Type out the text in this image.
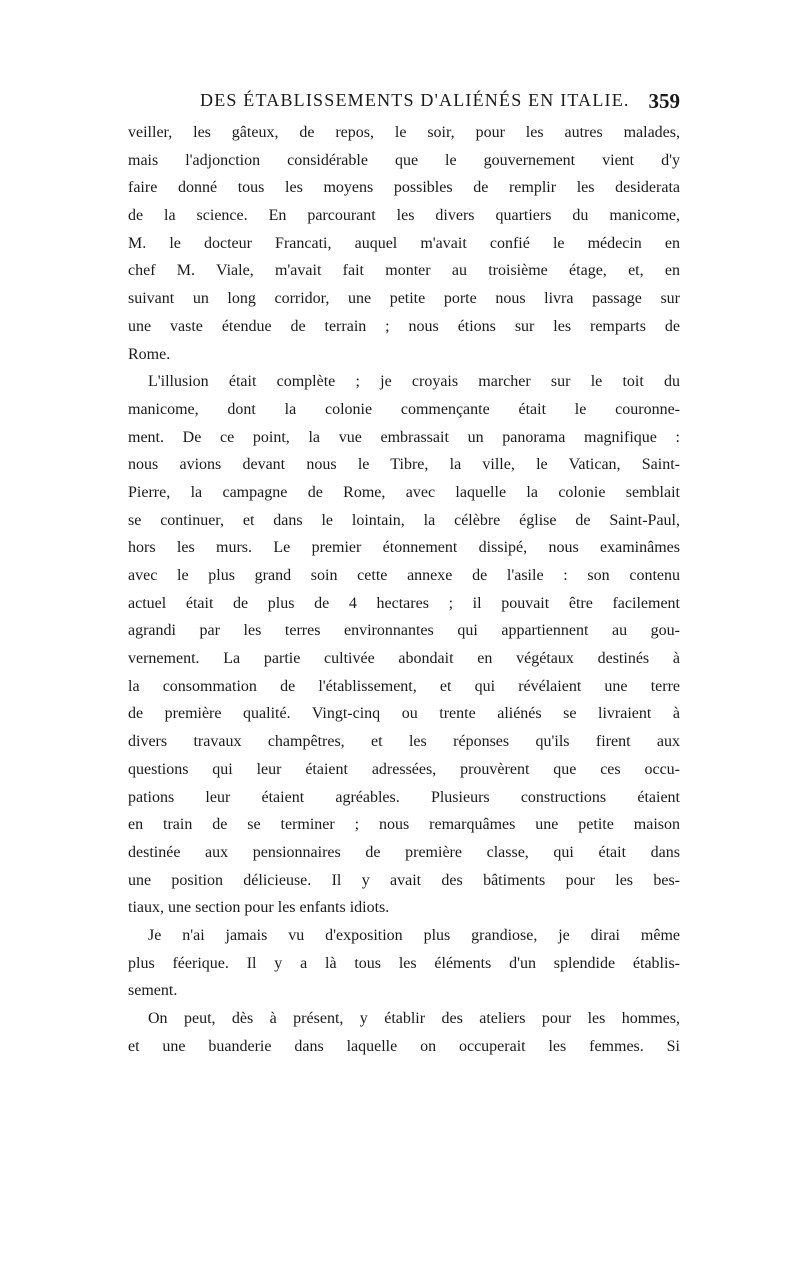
DES ÉTABLISSEMENTS D'ALIÉNÉS EN ITALIE. 359
veiller, les gâteux, de repos, le soir, pour les autres malades,
mais l'adjonction considérable que le gouvernement vient d'y
faire donné tous les moyens possibles de remplir les desiderata
de la science. En parcourant les divers quartiers du manicome,
M. le docteur Francati, auquel m'avait confié le médecin en
chef M. Viale, m'avait fait monter au troisième étage, et, en
suivant un long corridor, une petite porte nous livra passage sur
une vaste étendue de terrain ; nous étions sur les remparts de
Rome.
L'illusion était complète ; je croyais marcher sur le toit du
manicome, dont la colonie commençante était le couronne-
ment. De ce point, la vue embrassait un panorama magnifique :
nous avions devant nous le Tibre, la ville, le Vatican, Saint-
Pierre, la campagne de Rome, avec laquelle la colonie semblait
se continuer, et dans le lointain, la célèbre église de Saint-Paul,
hors les murs. Le premier étonnement dissipé, nous examinâmes
avec le plus grand soin cette annexe de l'asile : son contenu
actuel était de plus de 4 hectares ; il pouvait être facilement
agrandi par les terres environnantes qui appartiennent au gou-
vernement. La partie cultivée abondait en végétaux destinés à
la consommation de l'établissement, et qui révélaient une terre
de première qualité. Vingt-cinq ou trente aliénés se livraient à
divers travaux champêtres, et les réponses qu'ils firent aux
questions qui leur étaient adressées, prouvèrent que ces occu-
pations leur étaient agréables. Plusieurs constructions étaient
en train de se terminer ; nous remarquâmes une petite maison
destinée aux pensionnaires de première classe, qui était dans
une position délicieuse. Il y avait des bâtiments pour les bes-
tiaux, une section pour les enfants idiots.
Je n'ai jamais vu d'exposition plus grandiose, je dirai même
plus féerique. Il y a là tous les éléments d'un splendide établis-
sement.
On peut, dès à présent, y établir des ateliers pour les hommes,
et une buanderie dans laquelle on occuperait les femmes. Si
